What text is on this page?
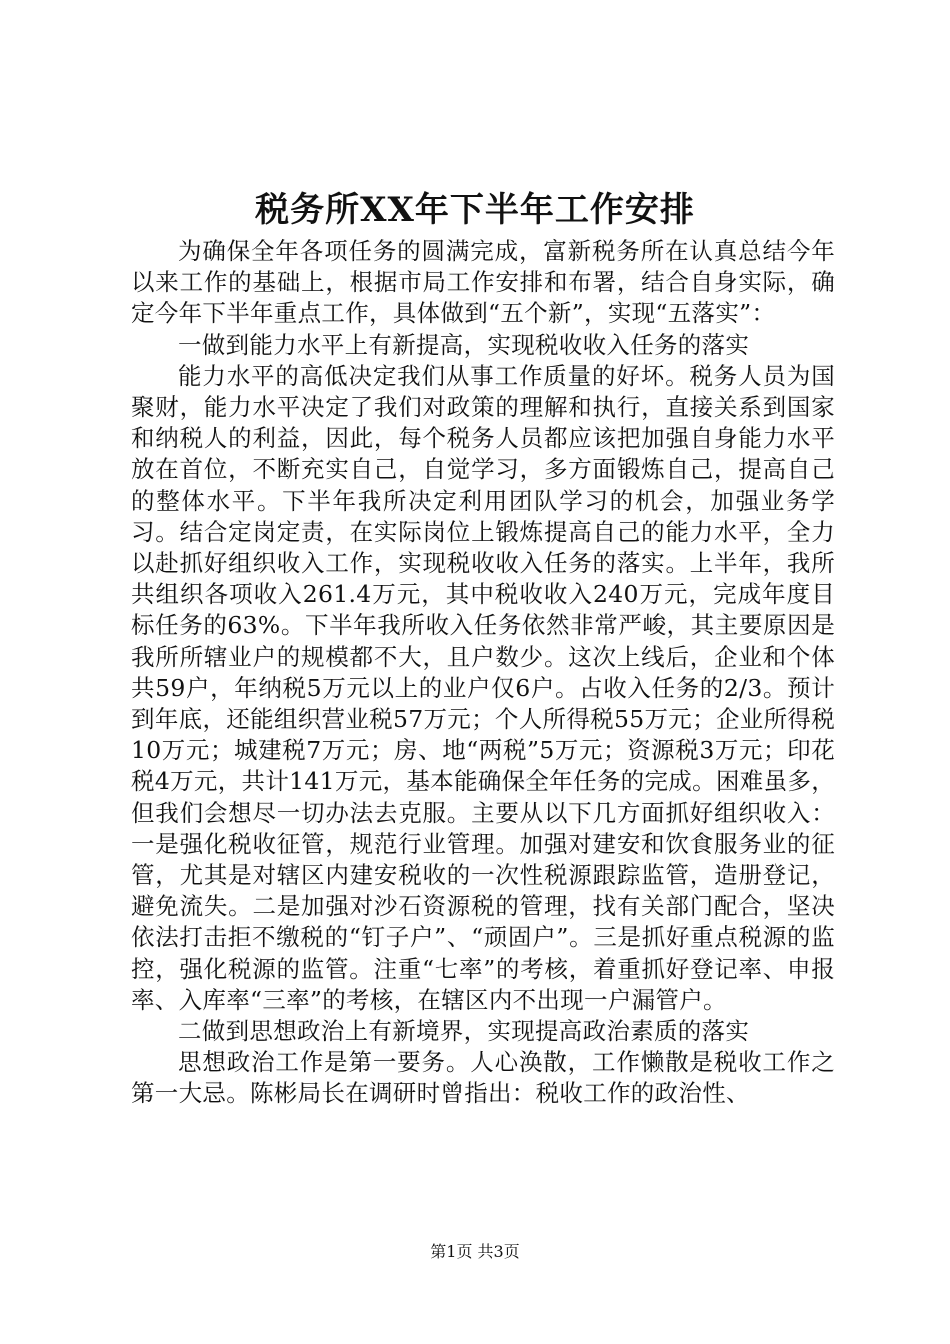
税务所XX年下半年工作安排

为确保全年各项任务的圆满完成，富新税务所在认真总结今年以来工作的基础上，根据市局工作安排和布署，结合自身实际，确定今年下半年重点工作，具体做到“五个新”，实现“五落实”：

一做到能力水平上有新提高，实现税收收入任务的落实

能力水平的高低决定我们从事工作质量的好坏。税务人员为国聚财，能力水平决定了我们对政策的理解和执行，直接关系到国家和纳税人的利益，因此，每个税务人员都应该把加强自身能力水平放在首位，不断充实自己，自觉学习，多方面锻炼自己，提高自己的整体水平。下半年我所决定利用团队学习的机会，加强业务学习。结合定岗定责，在实际岗位上锻炼提高自己的能力水平，全力以赴抓好组织收入工作，实现税收收入任务的落实。上半年，我所共组织各项收入261.4万元，其中税收收入240万元，完成年度目标任务的63%。下半年我所收入任务依然非常严峻，其主要原因是我所所辖业户的规模都不大，且户数少。这次上线后，企业和个体共59户，年纳税5万元以上的业户仅6户。占收入任务的2/3。预计到年底，还能组织营业税57万元；个人所得税55万元；企业所得税10万元；城建税7万元；房、地“两税”5万元；资源税3万元；印花税4万元，共计141万元，基本能确保全年任务的完成。困难虽多，但我们会想尽一切办法去克服。主要从以下几方面抓好组织收入：一是强化税收征管，规范行业管理。加强对建安和饮食服务业的征管，尤其是对辖区内建安税收的一次性税源跟踪监管，造册登记，避免流失。二是加强对沙石资源税的管理，找有关部门配合，坚决依法打击拒不缴税的“钉子户”、“顽固户”。三是抓好重点税源的监控，强化税源的监管。注重“七率”的考核，着重抓好登记率、申报率、入库率“三率”的考核，在辖区内不出现一户漏管户。

二做到思想政治上有新境界，实现提高政治素质的落实

思想政治工作是第一要务。人心涣散，工作懒散是税收工作之第一大忌。陈彬局长在调研时曾指出：税收工作的政治性、

第1页 共3页
